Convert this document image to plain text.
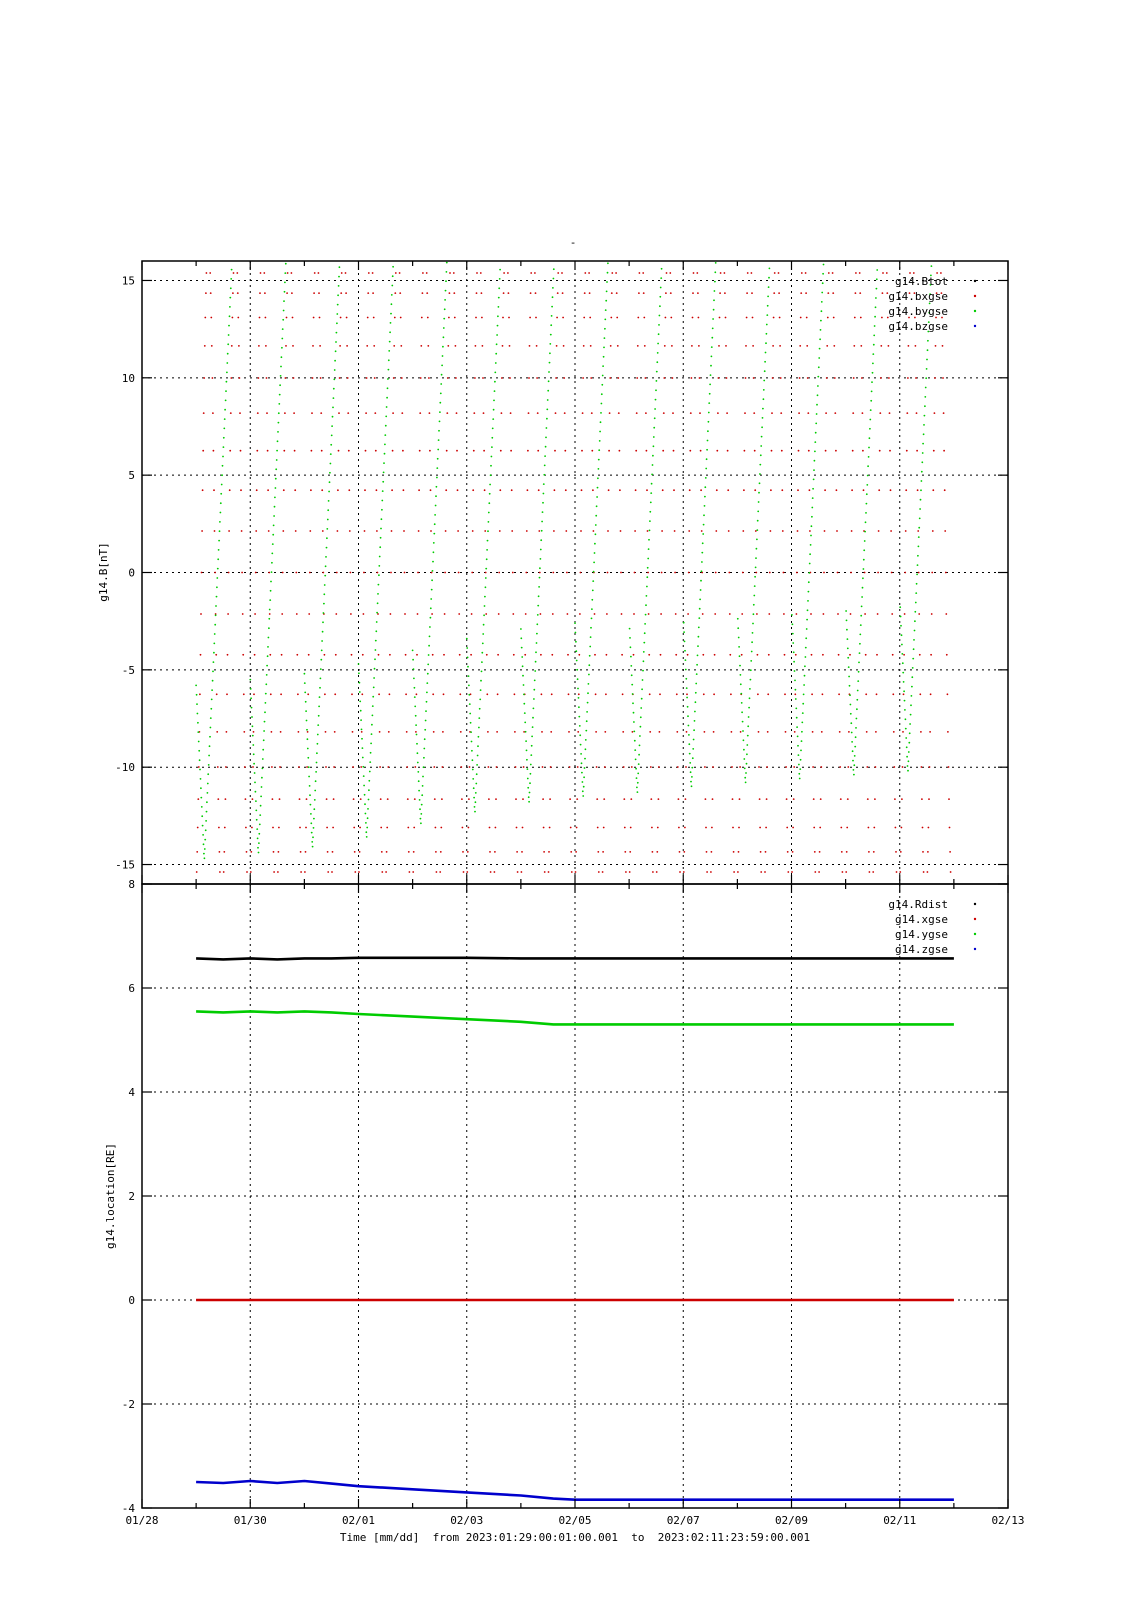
-
15
10
5
0
-5
-10
-15
g14.Btot
g14.bxgse
g14.bygse
g14.bzgse
g14.B[nT]
8
6
4
2
0
-2
-4
g14.Rdist
g14.xgse
g14.ygse
g14.zgse
g14.location[RE]
01/28	01/30	02/01	02/03	02/05	02/07	02/09	02/11	02/13
Time [mm/dd]  from 2023:01:29:00:01:00.001  to  2023:02:11:23:59:00.001
